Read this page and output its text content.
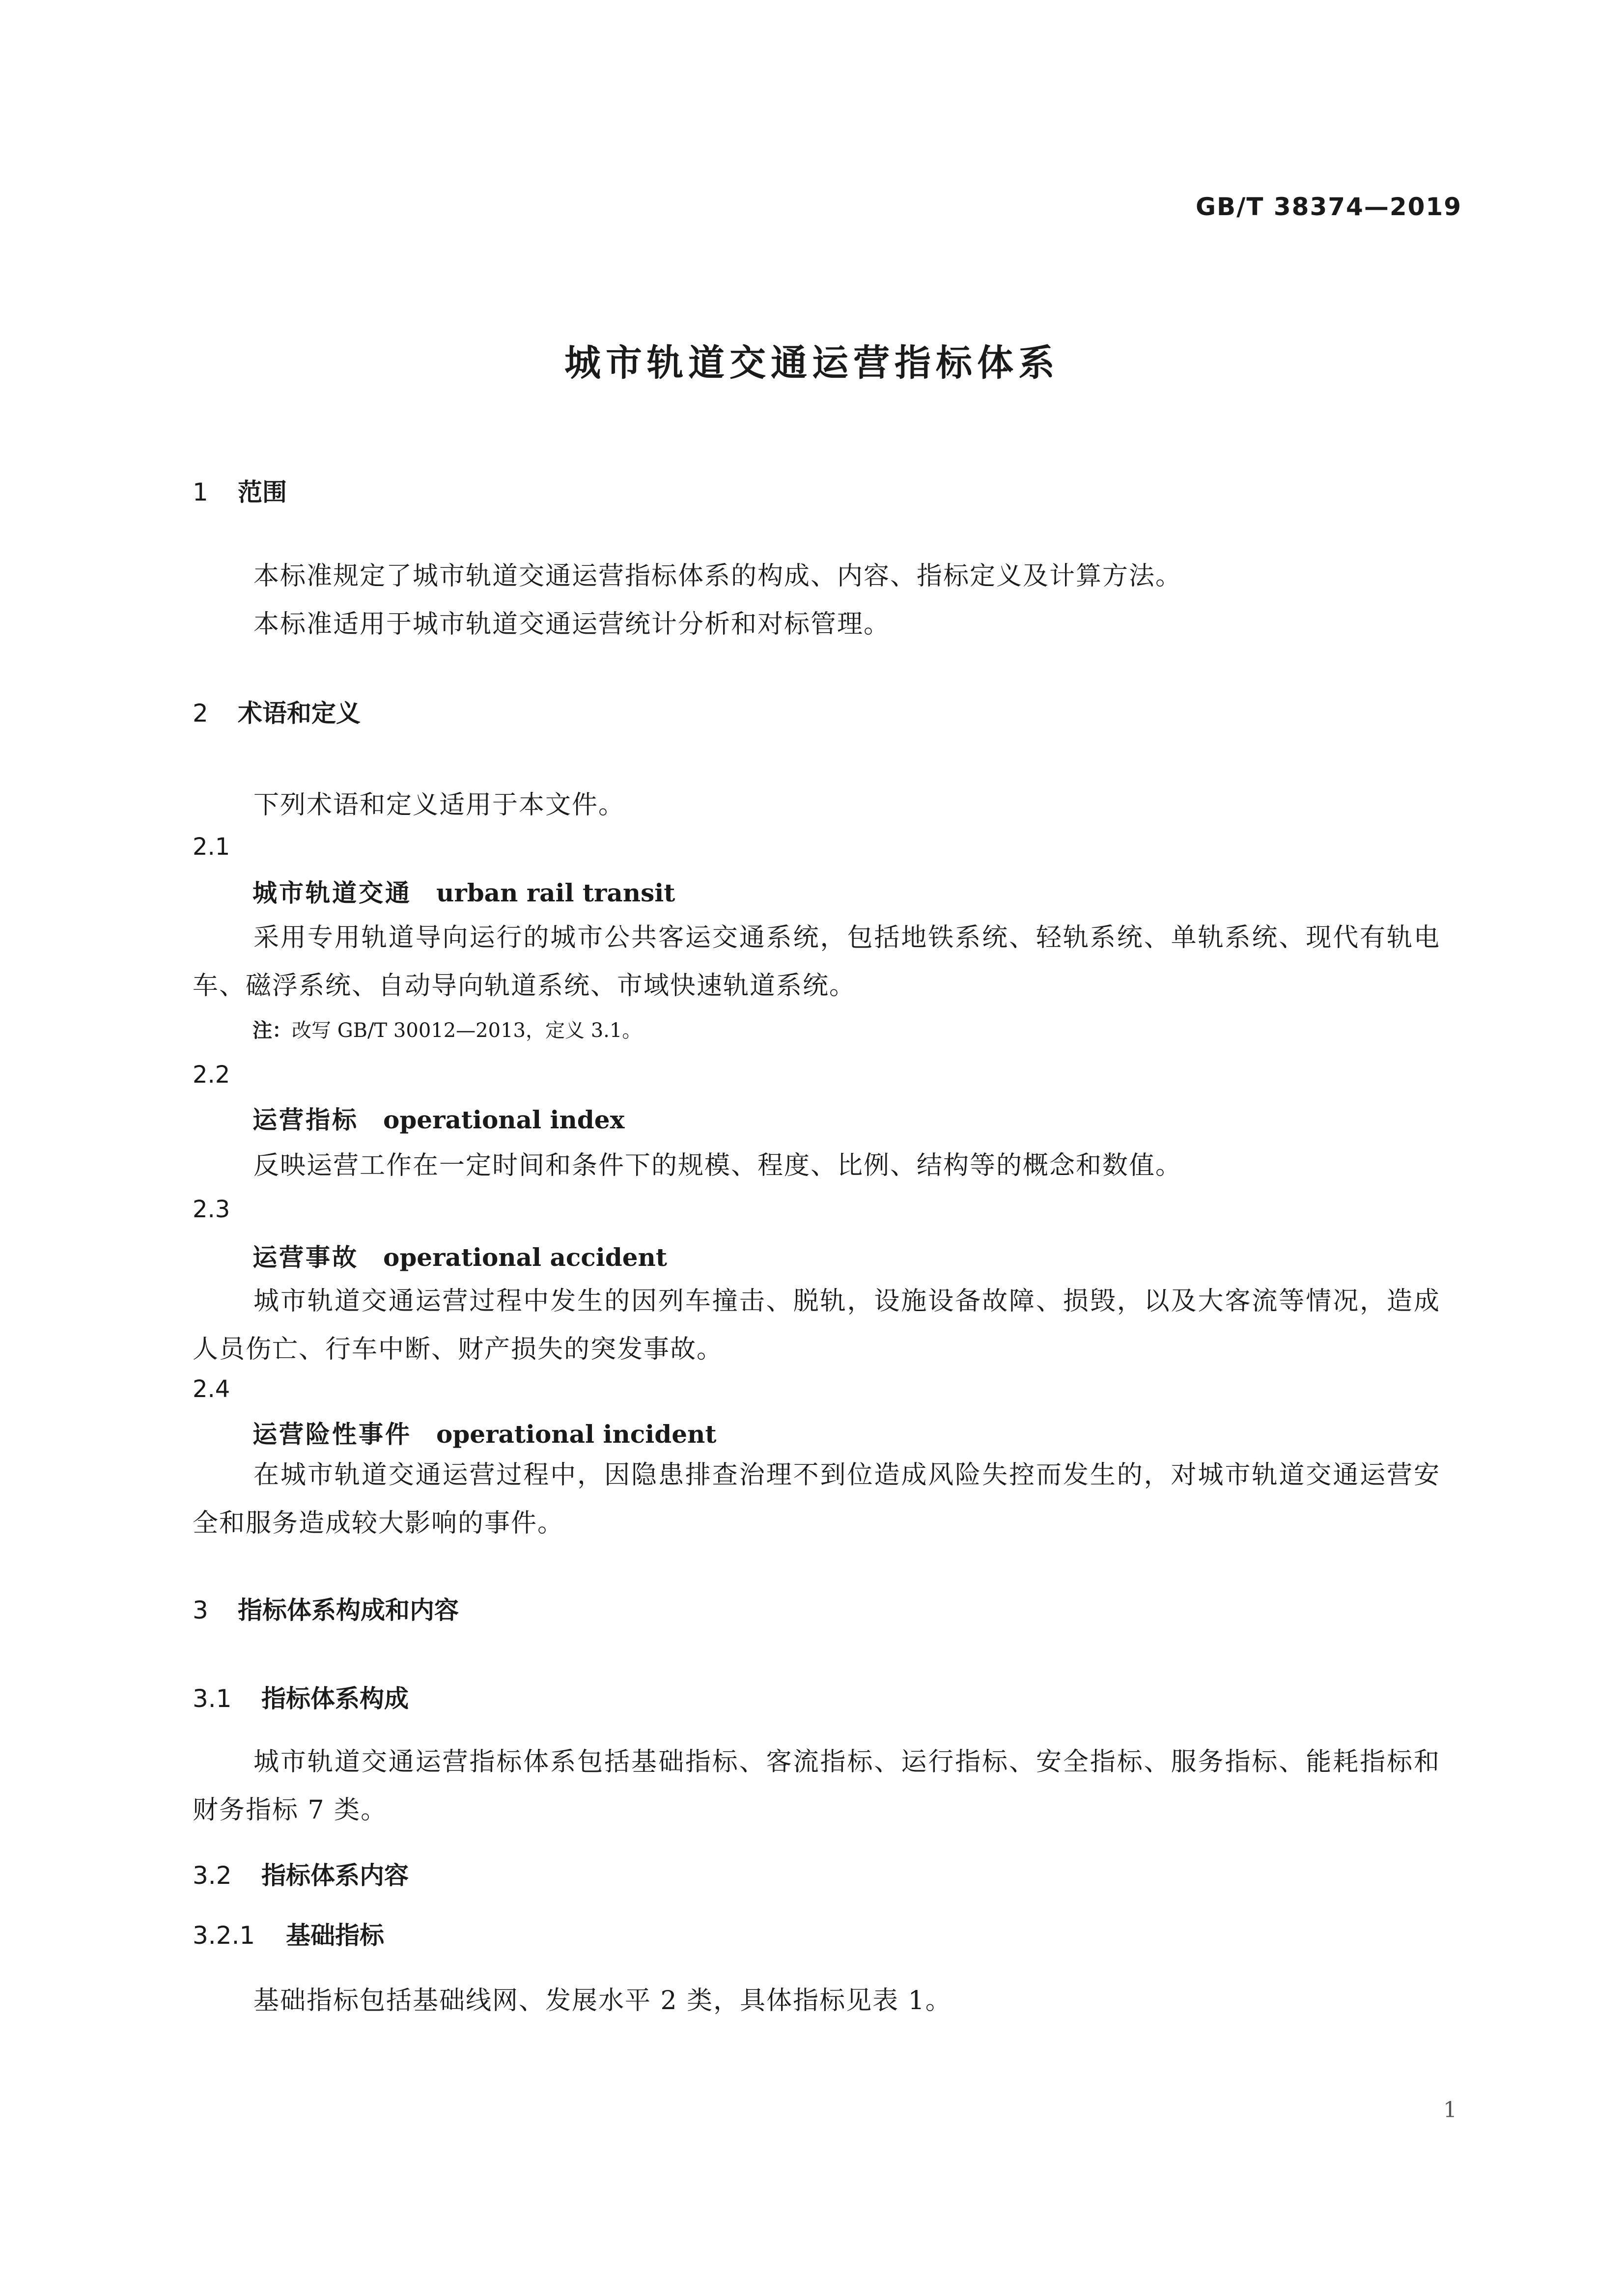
GB/T 38374—2019
城市轨道交通运营指标体系
1 范围
本标准规定了城市轨道交通运营指标体系的构成、内容、指标定义及计算方法。
本标准适用于城市轨道交通运营统计分析和对标管理。
2 术语和定义
下列术语和定义适用于本文件。
2.1
城市轨道交通 urban rail transit
采用专用轨道导向运行的城市公共客运交通系统，包括地铁系统、轻轨系统、单轨系统、现代有轨电车、磁浮系统、自动导向轨道系统、市域快速轨道系统。
注：改写 GB/T 30012—2013，定义 3.1。
2.2
运营指标 operational index
反映运营工作在一定时间和条件下的规模、程度、比例、结构等的概念和数值。
2.3
运营事故 operational accident
城市轨道交通运营过程中发生的因列车撞击、脱轨，设施设备故障、损毁，以及大客流等情况，造成人员伤亡、行车中断、财产损失的突发事故。
2.4
运营险性事件 operational incident
在城市轨道交通运营过程中，因隐患排查治理不到位造成风险失控而发生的，对城市轨道交通运营安全和服务造成较大影响的事件。
3 指标体系构成和内容
3.1 指标体系构成
城市轨道交通运营指标体系包括基础指标、客流指标、运行指标、安全指标、服务指标、能耗指标和财务指标 7 类。
3.2 指标体系内容
3.2.1 基础指标
基础指标包括基础线网、发展水平 2 类，具体指标见表 1。
1
